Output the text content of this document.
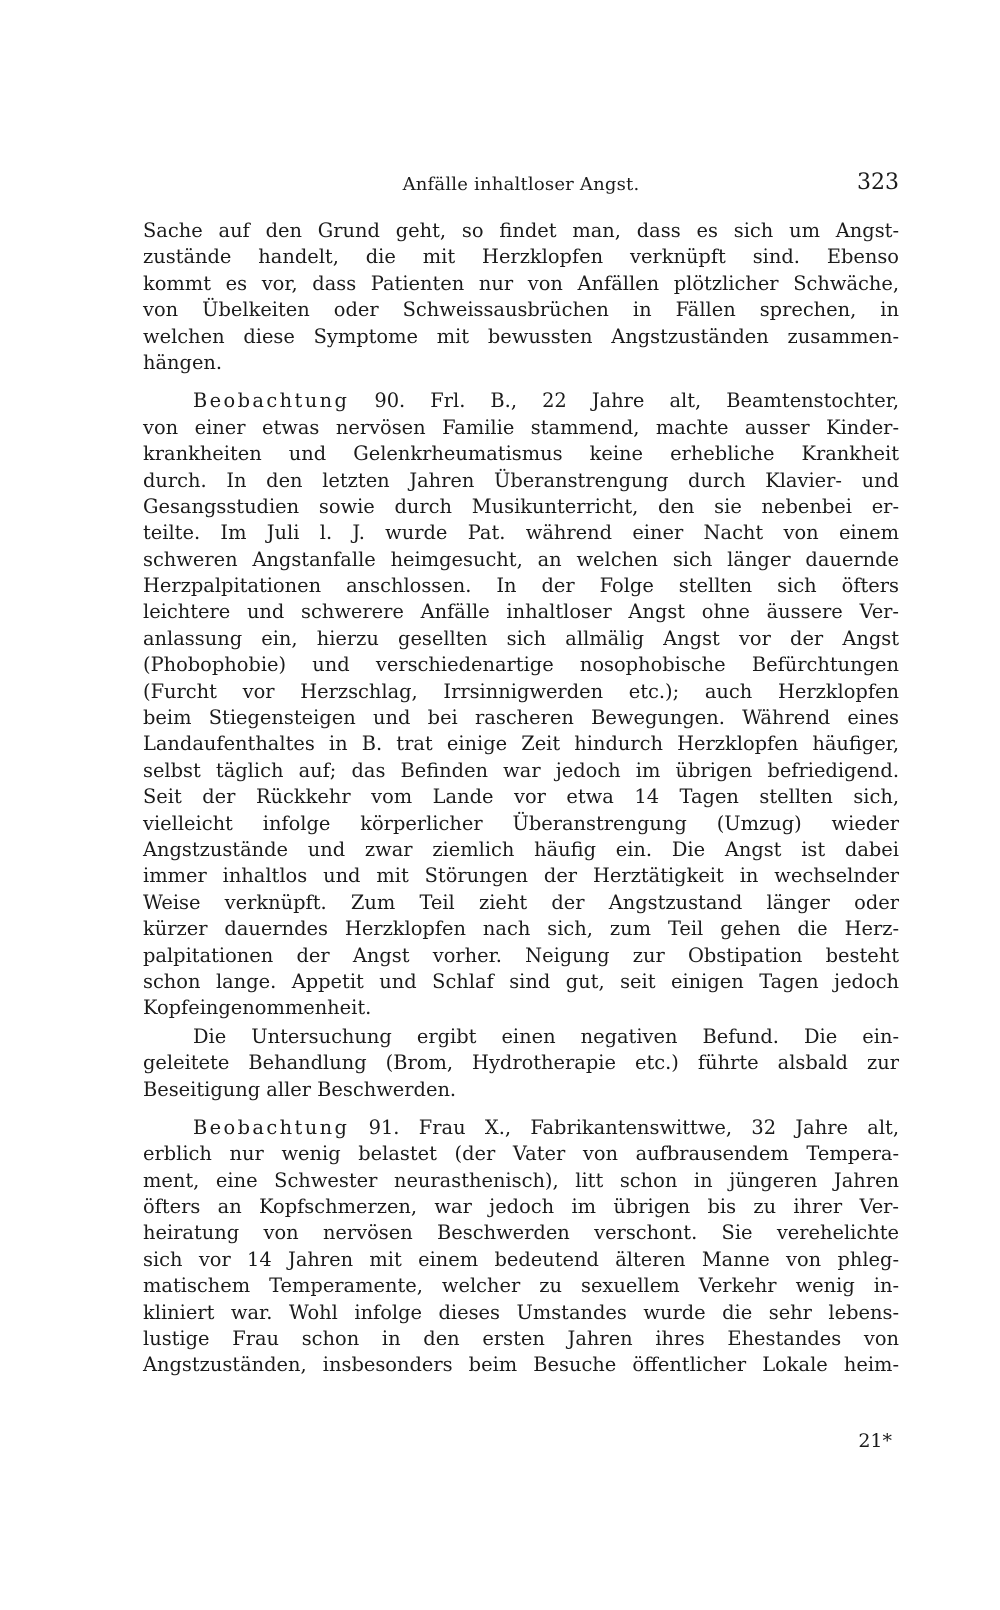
Anfälle inhaltloser Angst.	323
Sache auf den Grund geht, so findet man, dass es sich um Angst-
zustände handelt, die mit Herzklopfen verknüpft sind. Ebenso
kommt es vor, dass Patienten nur von Anfällen plötzlicher Schwäche,
von Übelkeiten oder Schweissausbrüchen in Fällen sprechen, in
welchen diese Symptome mit bewussten Angstzuständen zusammen-
hängen.
Beobachtung 90. Frl. B., 22 Jahre alt, Beamtenstochter,
von einer etwas nervösen Familie stammend, machte ausser Kinder-
krankheiten und Gelenkrheumatismus keine erhebliche Krankheit
durch. In den letzten Jahren Überanstrengung durch Klavier- und
Gesangsstudien sowie durch Musikunterricht, den sie nebenbei er-
teilte. Im Juli l. J. wurde Pat. während einer Nacht von einem
schweren Angstanfalle heimgesucht, an welchen sich länger dauernde
Herzpalpitationen anschlossen. In der Folge stellten sich öfters
leichtere und schwerere Anfälle inhaltloser Angst ohne äussere Ver-
anlassung ein, hierzu gesellten sich allmälig Angst vor der Angst
(Phobophobie) und verschiedenartige nosophobische Befürchtungen
(Furcht vor Herzschlag, Irrsinnigwerden etc.); auch Herzklopfen
beim Stiegensteigen und bei rascheren Bewegungen. Während eines
Landaufenthaltes in B. trat einige Zeit hindurch Herzklopfen häufiger,
selbst täglich auf; das Befinden war jedoch im übrigen befriedigend.
Seit der Rückkehr vom Lande vor etwa 14 Tagen stellten sich,
vielleicht infolge körperlicher Überanstrengung (Umzug) wieder
Angstzustände und zwar ziemlich häufig ein. Die Angst ist dabei
immer inhaltlos und mit Störungen der Herztätigkeit in wechselnder
Weise verknüpft. Zum Teil zieht der Angstzustand länger oder
kürzer dauerndes Herzklopfen nach sich, zum Teil gehen die Herz-
palpitationen der Angst vorher. Neigung zur Obstipation besteht
schon lange. Appetit und Schlaf sind gut, seit einigen Tagen jedoch
Kopfeingenommenheit.
Die Untersuchung ergibt einen negativen Befund. Die ein-
geleitete Behandlung (Brom, Hydrotherapie etc.) führte alsbald zur
Beseitigung aller Beschwerden.
Beobachtung 91. Frau X., Fabrikantenswittwe, 32 Jahre alt,
erblich nur wenig belastet (der Vater von aufbrausendem Tempera-
ment, eine Schwester neurasthenisch), litt schon in jüngeren Jahren
öfters an Kopfschmerzen, war jedoch im übrigen bis zu ihrer Ver-
heiratung von nervösen Beschwerden verschont. Sie verehelichte
sich vor 14 Jahren mit einem bedeutend älteren Manne von phleg-
matischem Temperamente, welcher zu sexuellem Verkehr wenig in-
kliniert war. Wohl infolge dieses Umstandes wurde die sehr lebens-
lustige Frau schon in den ersten Jahren ihres Ehestandes von
Angstzuständen, insbesonders beim Besuche öffentlicher Lokale heim-
21*
